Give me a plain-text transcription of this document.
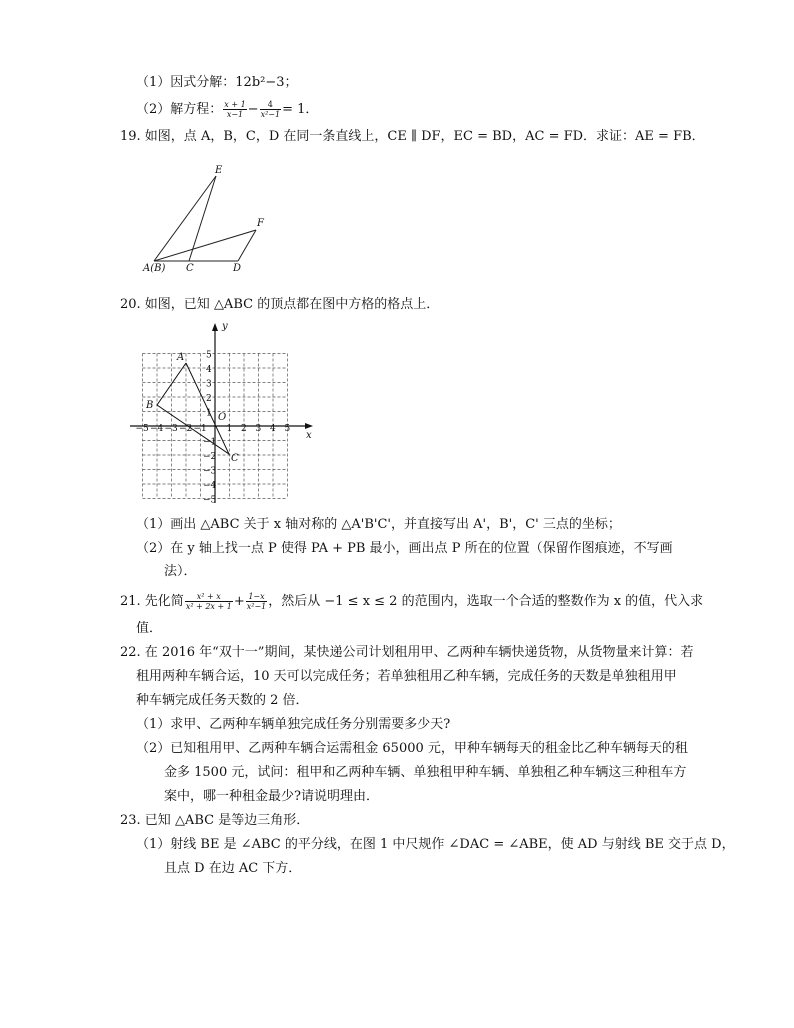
（1）因式分解：12b²−3；
（2）解方程： $\frac{x + 1}{x-1} - \frac{4}{\text{x²−1}} = 1$．
19. 如图，点 A，B，C，D 在同一条直线上，CE ∥ DF，EC = BD，AC = FD．求证：AE = FB．
E
F
A(B) C	D
20. 如图，已知 △ABC 的顶点都在图中方格的格点上．
−5 −4 −3 −2 −1 1 2 3 4 5
5
4
3
2
1
−1
−2
−3
−4
−5
y
x
O
A
B
C
（1）画出 △ABC 关于 x 轴对称的 △A'B'C'，并直接写出 A'，B'，C' 三点的坐标；
（2）在 y 轴上找一点 P 使得 PA + PB 最小，画出点 P 所在的位置（保留作图痕迹，不写画
法）．
21. 先化简 $\frac{\text{x² + x}}{\text{x² + 2x + 1}} + \frac{1-x}{\text{x²−1}}$ ，然后从 −1 ≤ x ≤ 2 的范围内，选取一个合适的整数作为 x 的值，代入求
值．
22. 在 2016 年“双十一”期间，某快递公司计划租用甲、乙两种车辆快递货物，从货物量来计算：若
租用两种车辆合运，10 天可以完成任务；若单独租用乙种车辆，完成任务的天数是单独租用甲
种车辆完成任务天数的 2 倍．
（1）求甲、乙两种车辆单独完成任务分别需要多少天?
（2）已知租用甲、乙两种车辆合运需租金 65000 元，甲种车辆每天的租金比乙种车辆每天的租
金多 1500 元，试问：租甲和乙两种车辆、单独租甲种车辆、单独租乙种车辆这三种租车方
案中，哪一种租金最少?请说明理由．
23. 已知 △ABC 是等边三角形．
（1）射线 BE 是 ∠ABC 的平分线，在图 1 中尺规作 ∠DAC = ∠ABE，使 AD 与射线 BE 交于点 D，
且点 D 在边 AC 下方．
